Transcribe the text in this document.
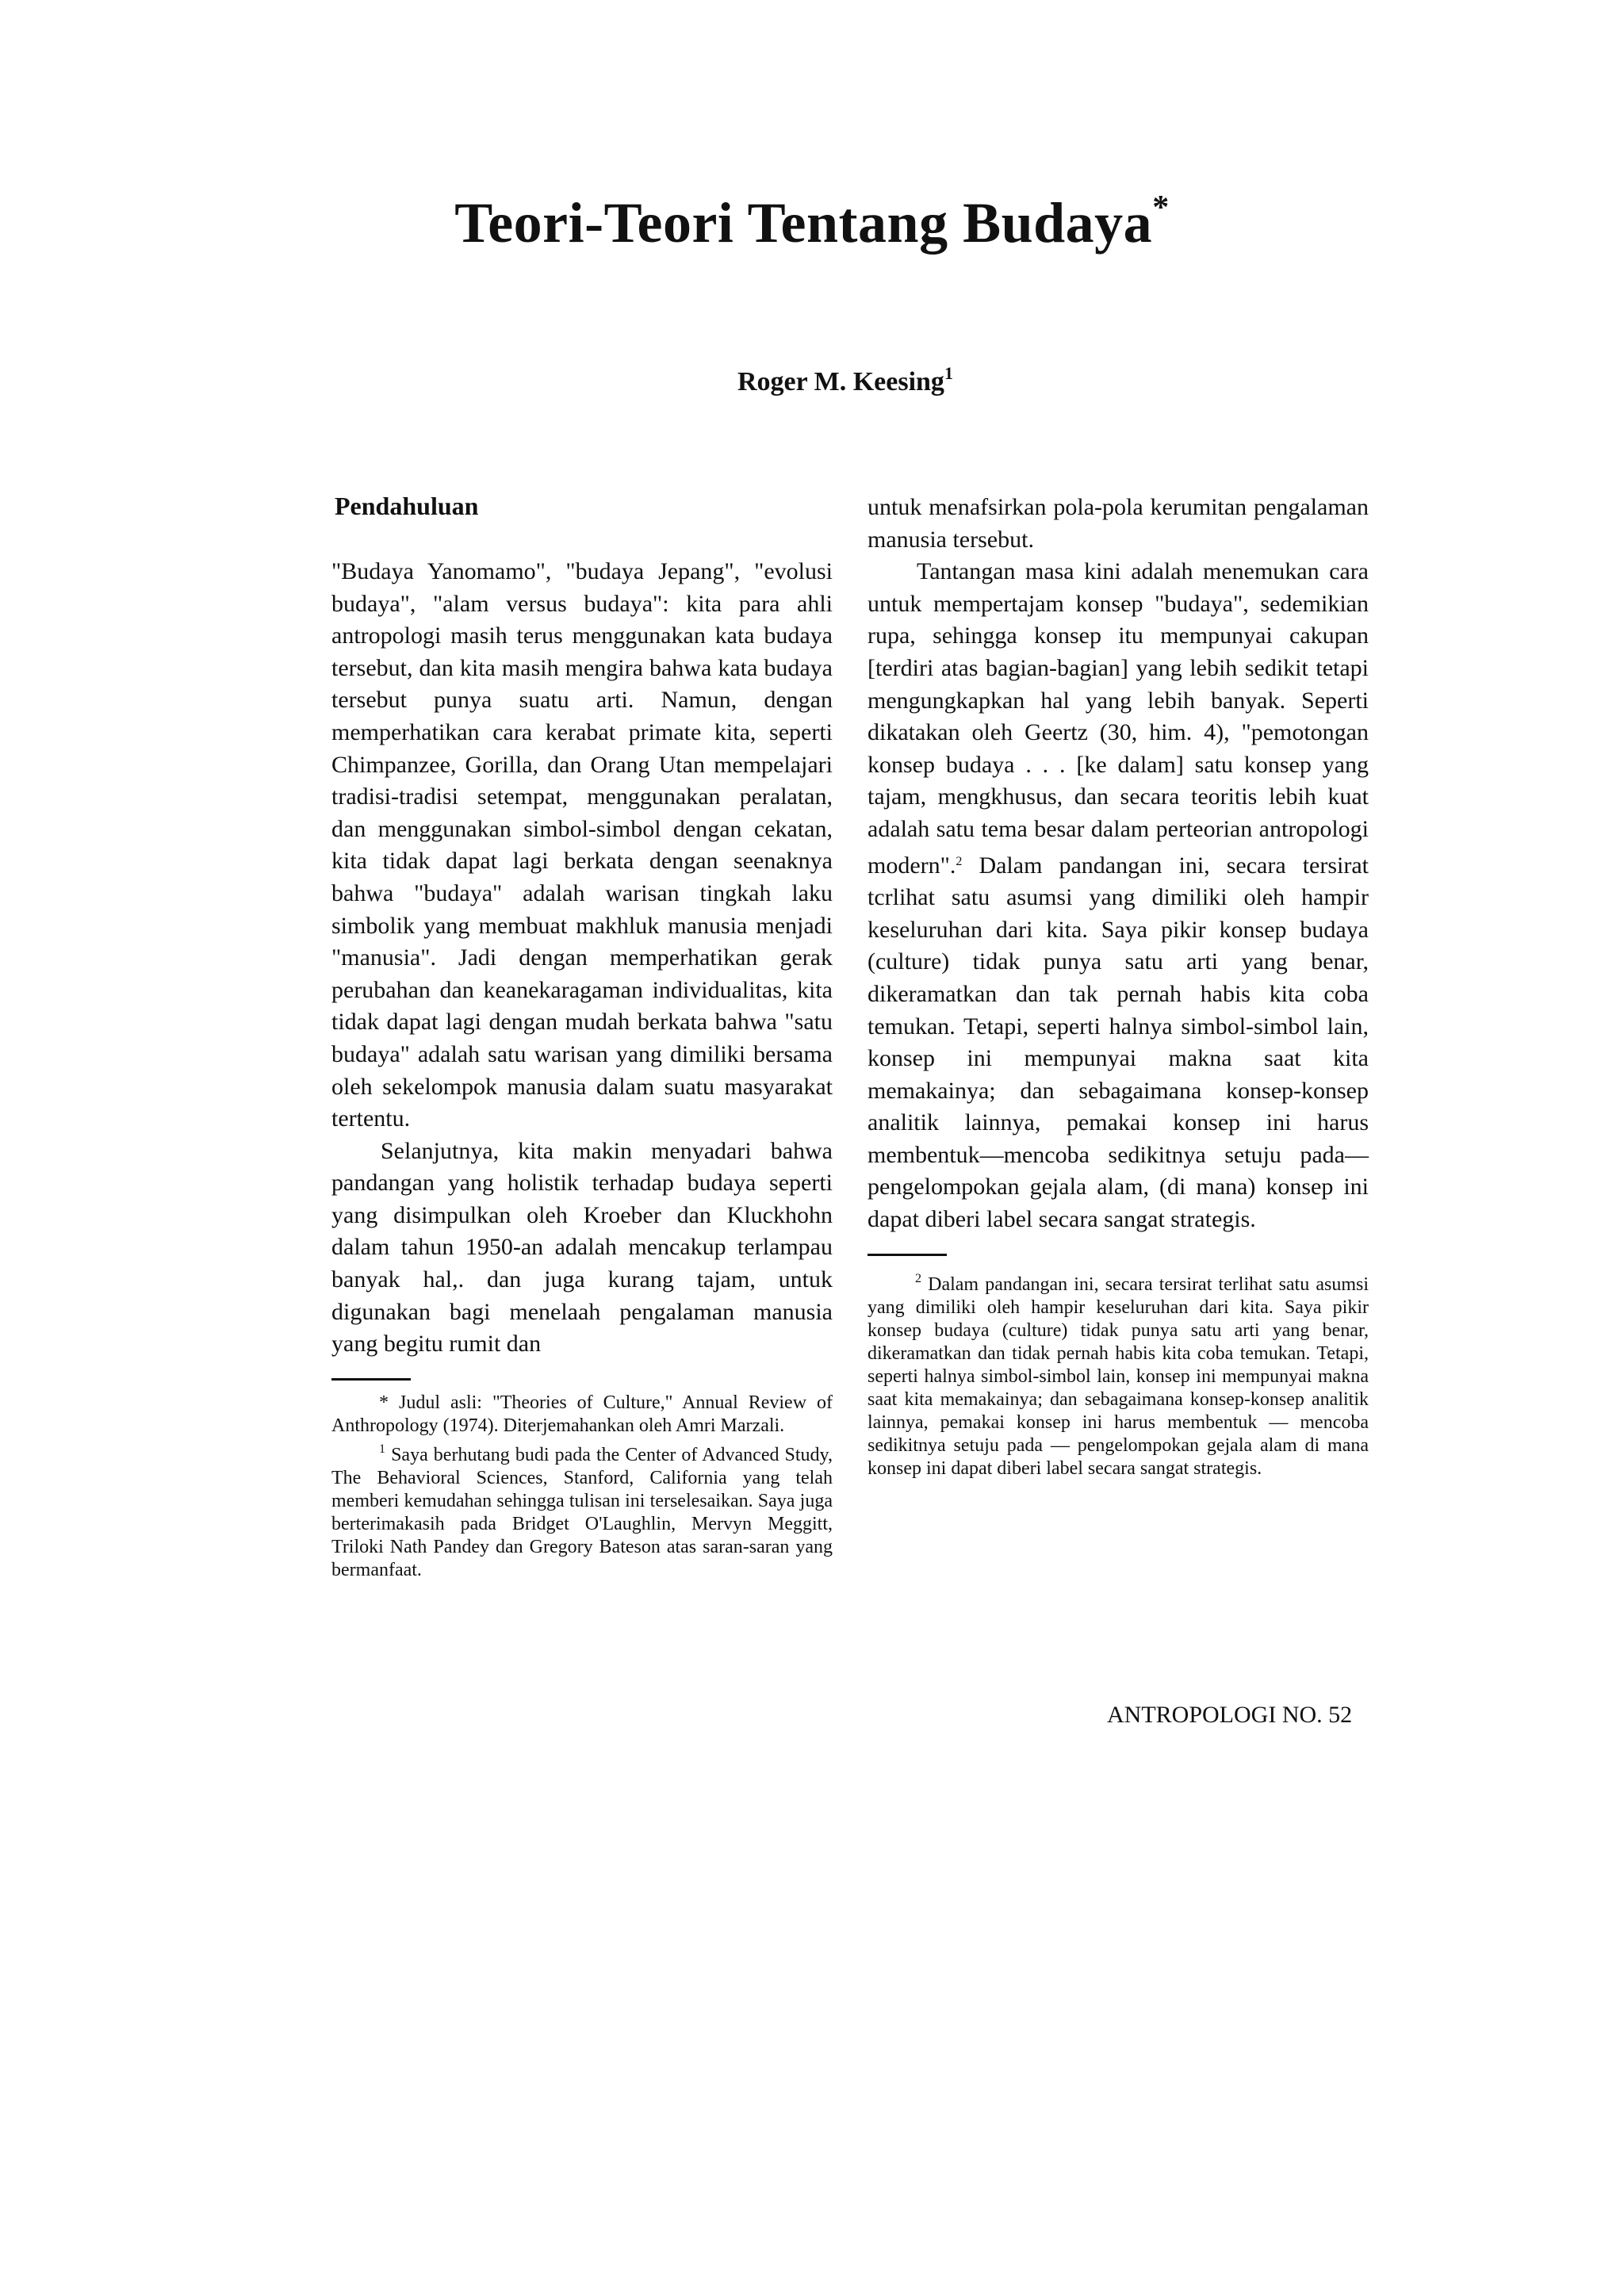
Teori-Teori Tentang Budaya*
Roger M. Keesing$^1$
Pendahuluan

"Budaya Yanomamo", "budaya Jepang", "evolusi budaya", "alam versus budaya": kita para ahli antropologi masih terus menggunakan kata budaya tersebut, dan kita masih mengira bahwa kata budaya tersebut punya suatu arti. Namun, dengan memperhatikan cara kerabat primate kita, seperti Chimpanzee, Gorilla, dan Orang Utan mempelajari tradisi-tradisi setempat, menggunakan peralatan, dan menggunakan simbol-simbol dengan cekatan, kita tidak dapat lagi berkata dengan seenaknya bahwa "budaya" adalah warisan tingkah laku simbolik yang membuat makhluk manusia menjadi "manusia". Jadi dengan memperhatikan gerak perubahan dan keanekaragaman individualitas, kita tidak dapat lagi dengan mudah berkata bahwa "satu budaya" adalah satu warisan yang dimiliki bersama oleh sekelompok manusia dalam suatu masyarakat tertentu.

Selanjutnya, kita makin menyadari bahwa pandangan yang holistik terhadap budaya seperti yang disimpulkan oleh Kroeber dan Kluckhohn dalam tahun 1950-an adalah mencakup terlampau banyak hal,. dan juga kurang tajam, untuk digunakan bagi menelaah pengalaman manusia yang begitu rumit dan

* Judul asli: "Theories of Culture," Annual Review of Anthropology (1974). Diterjemahankan oleh Amri Marzali.

$^1$ Saya berhutang budi pada the Center of Advanced Study, The Behavioral Sciences, Stanford, California yang telah memberi kemudahan sehingga tulisan ini terselesaikan. Saya juga berterimakasih pada Bridget O'Laughlin, Mervyn Meggitt, Triloki Nath Pandey dan Gregory Bateson atas saran-saran yang bermanfaat.

untuk menafsirkan pola-pola kerumitan pengalaman manusia tersebut.

Tantangan masa kini adalah menemukan cara untuk mempertajam konsep "budaya", sedemikian rupa, sehingga konsep itu mempunyai cakupan [terdiri atas bagian-bagian] yang lebih sedikit tetapi mengungkapkan hal yang lebih banyak. Seperti dikatakan oleh Geertz (30, him. 4), "pemotongan konsep budaya . . . [ke dalam] satu konsep yang tajam, mengkhusus, dan secara teoritis lebih kuat adalah satu tema besar dalam perteorian antropologi modern".$^2$ Dalam pandangan ini, secara tersirat tcrlihat satu asumsi yang dimiliki oleh hampir keseluruhan dari kita. Saya pikir konsep budaya (culture) tidak punya satu arti yang benar, dikeramatkan dan tak pernah habis kita coba temukan. Tetapi, seperti halnya simbol-simbol lain, konsep ini mempunyai makna saat kita memakainya; dan sebagaimana konsep-konsep analitik lainnya, pemakai konsep ini harus membentuk—mencoba sedikitnya setuju pada—pengelompokan gejala alam, (di mana) konsep ini dapat diberi label secara sangat strategis.

$^2$ Dalam pandangan ini, secara tersirat terlihat satu asumsi yang dimiliki oleh hampir keseluruhan dari kita. Saya pikir konsep budaya (culture) tidak punya satu arti yang benar, dikeramatkan dan tidak pernah habis kita coba temukan. Tetapi, seperti halnya simbol-simbol lain, konsep ini mempunyai makna saat kita memakainya; dan sebagaimana konsep-konsep analitik lainnya, pemakai konsep ini harus membentuk — mencoba sedikitnya setuju pada — pengelompokan gejala alam di mana konsep ini dapat diberi label secara sangat strategis.

ANTROPOLOGI NO. 52
